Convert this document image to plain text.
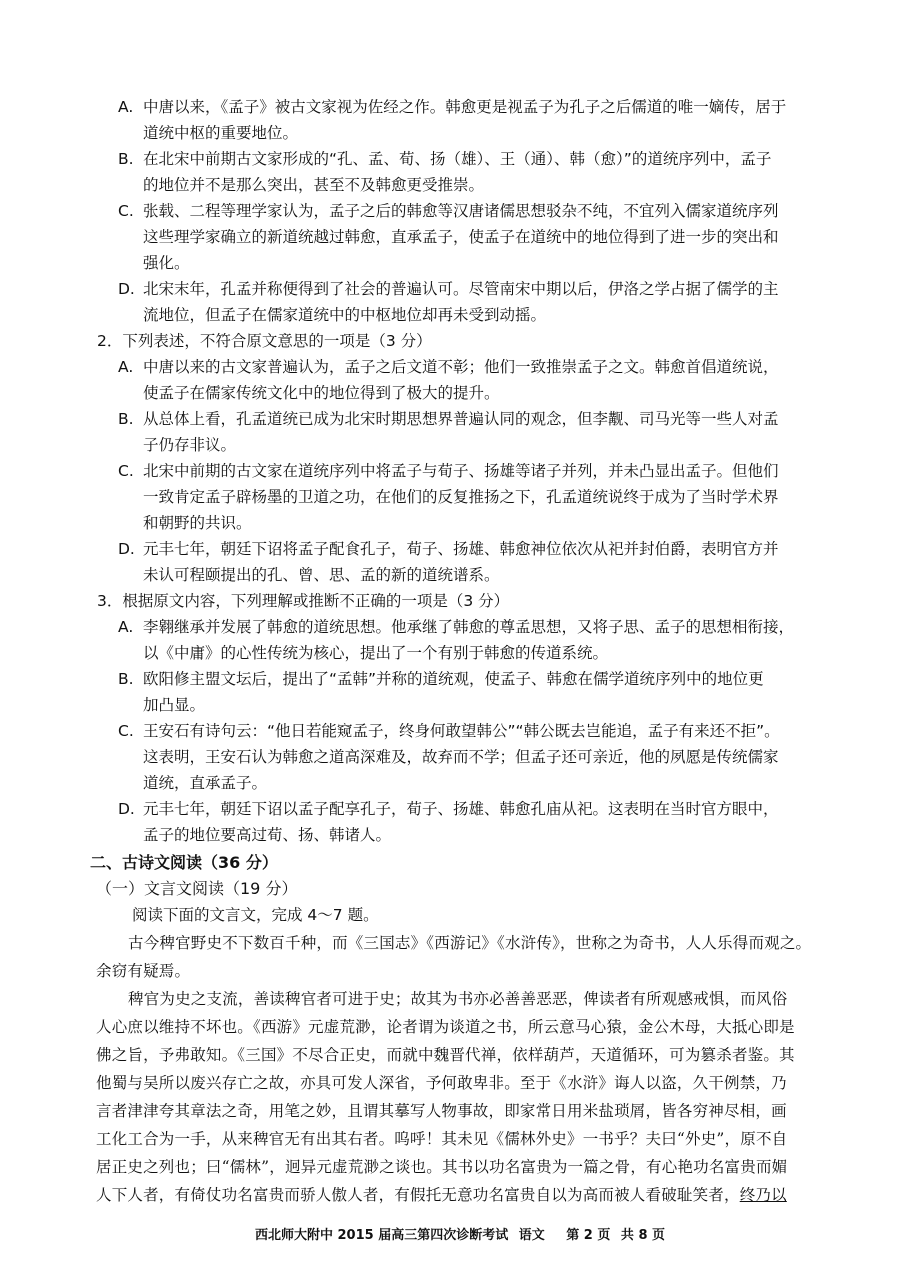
A. 中唐以来，《孟子》被古文家视为佐经之作。韩愈更是视孟子为孔子之后儒道的唯一嫡传，居于
道统中枢的重要地位。
B. 在北宋中前期古文家形成的“孔、孟、荀、扬（雄）、王（通）、韩（愈）”的道统序列中，孟子
的地位并不是那么突出，甚至不及韩愈更受推崇。
C. 张载、二程等理学家认为，孟子之后的韩愈等汉唐诸儒思想驳杂不纯，不宜列入儒家道统序列
这些理学家确立的新道统越过韩愈，直承孟子，使孟子在道统中的地位得到了进一步的突出和
强化。
D. 北宋末年，孔孟并称便得到了社会的普遍认可。尽管南宋中期以后，伊洛之学占据了儒学的主
流地位，但孟子在儒家道统中的中枢地位却再未受到动摇。
2．下列表述，不符合原文意思的一项是（3 分）
A. 中唐以来的古文家普遍认为，孟子之后文道不彰；他们一致推崇孟子之文。韩愈首倡道统说，
使孟子在儒家传统文化中的地位得到了极大的提升。
B. 从总体上看，孔孟道统已成为北宋时期思想界普遍认同的观念，但李觏、司马光等一些人对孟
子仍存非议。
C. 北宋中前期的古文家在道统序列中将孟子与荀子、扬雄等诸子并列，并未凸显出孟子。但他们
一致肯定孟子辟杨墨的卫道之功，在他们的反复推扬之下，孔孟道统说终于成为了当时学术界
和朝野的共识。
D. 元丰七年，朝廷下诏将孟子配食孔子，荀子、扬雄、韩愈神位依次从祀并封伯爵，表明官方并
未认可程颐提出的孔、曾、思、孟的新的道统谱系。
3．根据原文内容，下列理解或推断不正确的一项是（3 分）
A. 李翱继承并发展了韩愈的道统思想。他承继了韩愈的尊孟思想，又将子思、孟子的思想相衔接，
以《中庸》的心性传统为核心，提出了一个有别于韩愈的传道系统。
B. 欧阳修主盟文坛后，提出了“孟韩”并称的道统观，使孟子、韩愈在儒学道统序列中的地位更
加凸显。
C. 王安石有诗句云：“他日若能窥孟子，终身何敢望韩公”“韩公既去岂能追，孟子有来还不拒”。
这表明，王安石认为韩愈之道高深难及，故弃而不学；但孟子还可亲近，他的夙愿是传统儒家
道统，直承孟子。
D. 元丰七年，朝廷下诏以孟子配享孔子，荀子、扬雄、韩愈孔庙从祀。这表明在当时官方眼中，
孟子的地位要高过荀、扬、韩诸人。
二、古诗文阅读（36 分）
（一）文言文阅读（19 分）
阅读下面的文言文，完成 4～7 题。
古今稗官野史不下数百千种，而《三国志》《西游记》《水浒传》，世称之为奇书，人人乐得而观之。
余窃有疑焉。
稗官为史之支流，善读稗官者可进于史；故其为书亦必善善恶恶，俾读者有所观感戒惧，而风俗
人心庶以维持不坏也。《西游》元虚荒渺，论者谓为谈道之书，所云意马心猿，金公木母，大抵心即是
佛之旨，予弗敢知。《三国》不尽合正史，而就中魏晋代禅，依样葫芦，天道循环，可为篡杀者鉴。其
他蜀与吴所以废兴存亡之故，亦具可发人深省，予何敢卑非。至于《水浒》诲人以盗，久干例禁，乃
言者津津夸其章法之奇，用笔之妙，且谓其摹写人物事故，即家常日用米盐琐屑，皆各穷神尽相，画
工化工合为一手，从来稗官无有出其右者。呜呼！其未见《儒林外史》一书乎？夫曰“外史”，原不自
居正史之列也；曰“儒林”，迥异元虚荒渺之谈也。其书以功名富贵为一篇之骨，有心艳功名富贵而媚
人下人者，有倚仗功名富贵而骄人傲人者，有假托无意功名富贵自以为高而被人看破耻笑者，终乃以
西北师大附中 2015 届高三第四次诊断考试 语文 第 2 页 共 8 页
